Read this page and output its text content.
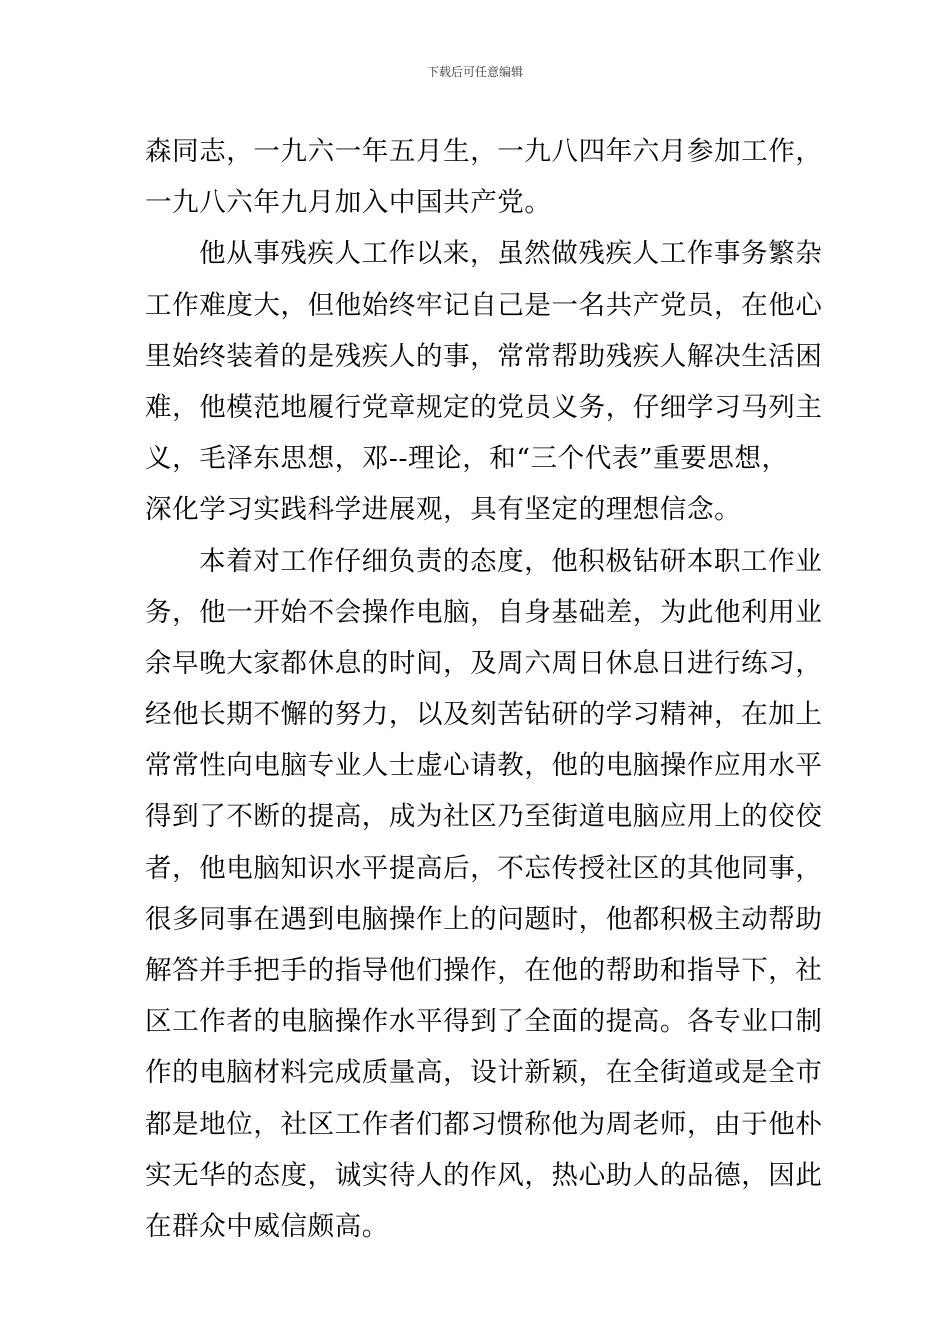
下载后可任意编辑
森同志，一九六一年五月生，一九八四年六月参加工作，
一九八六年九月加入中国共产党。
他从事残疾人工作以来，虽然做残疾人工作事务繁杂
工作难度大，但他始终牢记自己是一名共产党员，在他心
里始终装着的是残疾人的事，常常帮助残疾人解决生活困
难，他模范地履行党章规定的党员义务，仔细学习马列主
义，毛泽东思想，邓--理论，和“三个代表”重要思想，
深化学习实践科学进展观，具有坚定的理想信念。
本着对工作仔细负责的态度，他积极钻研本职工作业
务，他一开始不会操作电脑，自身基础差，为此他利用业
余早晚大家都休息的时间，及周六周日休息日进行练习，
经他长期不懈的努力，以及刻苦钻研的学习精神，在加上
常常性向电脑专业人士虚心请教，他的电脑操作应用水平
得到了不断的提高，成为社区乃至街道电脑应用上的佼佼
者，他电脑知识水平提高后，不忘传授社区的其他同事，
很多同事在遇到电脑操作上的问题时，他都积极主动帮助
解答并手把手的指导他们操作，在他的帮助和指导下，社
区工作者的电脑操作水平得到了全面的提高。各专业口制
作的电脑材料完成质量高，设计新颖，在全街道或是全市
都是地位，社区工作者们都习惯称他为周老师，由于他朴
实无华的态度，诚实待人的作风，热心助人的品德，因此
在群众中威信颇高。
